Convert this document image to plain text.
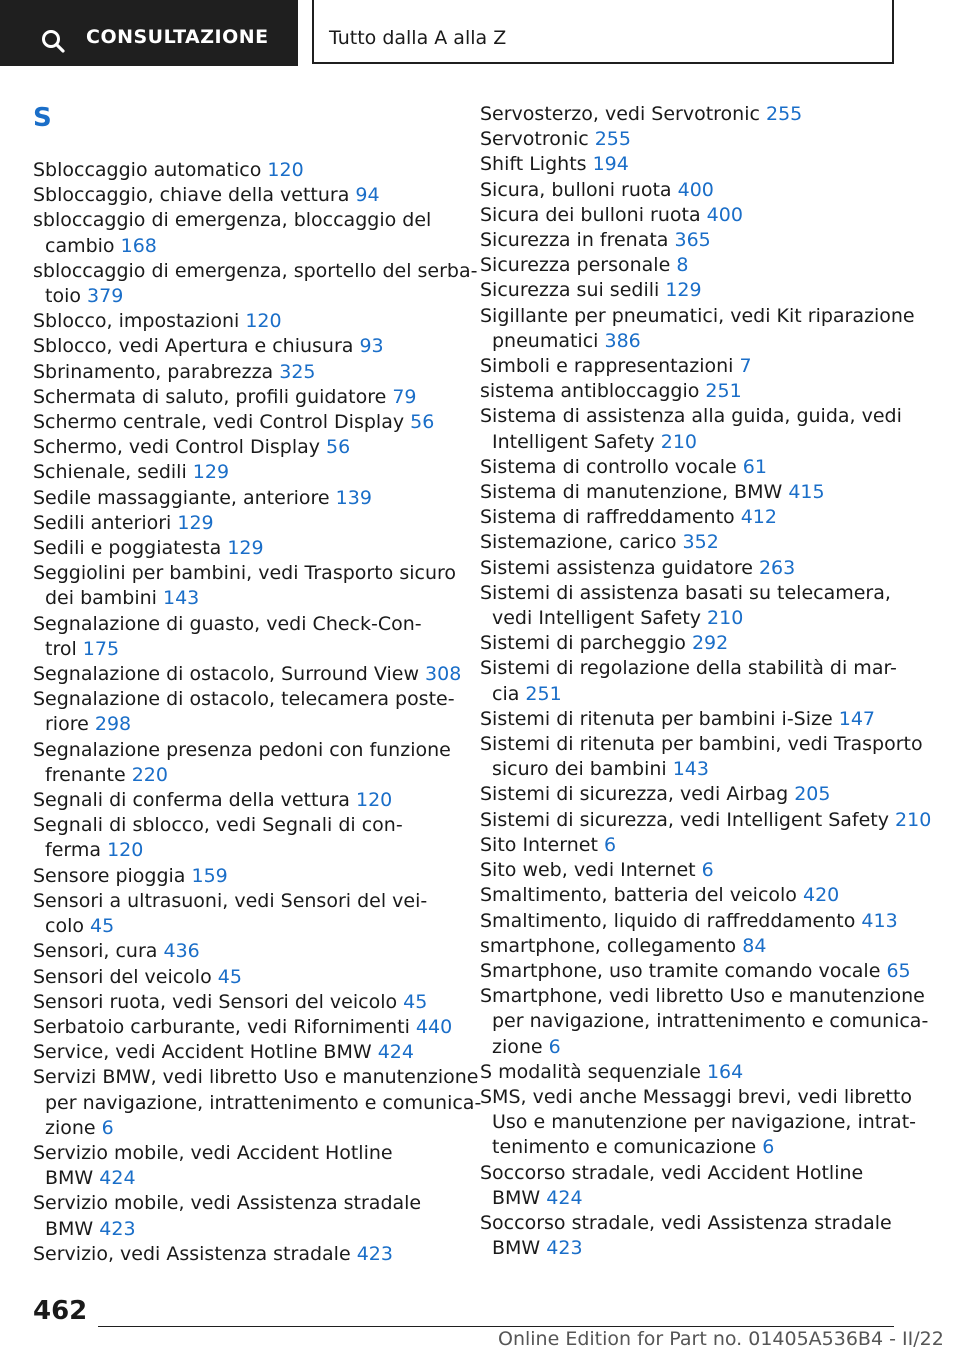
CONSULTAZIONE	Tutto dalla A alla Z
S
Sbloccaggio automatico 120
Sbloccaggio, chiave della vettura 94
sbloccaggio di emergenza, bloccaggio del
cambio 168
sbloccaggio di emergenza, sportello del serba-
toio 379
Sblocco, impostazioni 120
Sblocco, vedi Apertura e chiusura 93
Sbrinamento, parabrezza 325
Schermata di saluto, profili guidatore 79
Schermo centrale, vedi Control Display 56
Schermo, vedi Control Display 56
Schienale, sedili 129
Sedile massaggiante, anteriore 139
Sedili anteriori 129
Sedili e poggiatesta 129
Seggiolini per bambini, vedi Trasporto sicuro
dei bambini 143
Segnalazione di guasto, vedi Check-Con-
trol 175
Segnalazione di ostacolo, Surround View 308
Segnalazione di ostacolo, telecamera poste-
riore 298
Segnalazione presenza pedoni con funzione
frenante 220
Segnali di conferma della vettura 120
Segnali di sblocco, vedi Segnali di con-
ferma 120
Sensore pioggia 159
Sensori a ultrasuoni, vedi Sensori del vei-
colo 45
Sensori, cura 436
Sensori del veicolo 45
Sensori ruota, vedi Sensori del veicolo 45
Serbatoio carburante, vedi Rifornimenti 440
Service, vedi Accident Hotline BMW 424
Servizi BMW, vedi libretto Uso e manutenzione
per navigazione, intrattenimento e comunica-
zione 6
Servizio mobile, vedi Accident Hotline
BMW 424
Servizio mobile, vedi Assistenza stradale
BMW 423
Servizio, vedi Assistenza stradale 423
Servosterzo, vedi Servotronic 255
Servotronic 255
Shift Lights 194
Sicura, bulloni ruota 400
Sicura dei bulloni ruota 400
Sicurezza in frenata 365
Sicurezza personale 8
Sicurezza sui sedili 129
Sigillante per pneumatici, vedi Kit riparazione
pneumatici 386
Simboli e rappresentazioni 7
sistema antibloccaggio 251
Sistema di assistenza alla guida, guida, vedi
Intelligent Safety 210
Sistema di controllo vocale 61
Sistema di manutenzione, BMW 415
Sistema di raffreddamento 412
Sistemazione, carico 352
Sistemi assistenza guidatore 263
Sistemi di assistenza basati su telecamera,
vedi Intelligent Safety 210
Sistemi di parcheggio 292
Sistemi di regolazione della stabilità di mar-
cia 251
Sistemi di ritenuta per bambini i-Size 147
Sistemi di ritenuta per bambini, vedi Trasporto
sicuro dei bambini 143
Sistemi di sicurezza, vedi Airbag 205
Sistemi di sicurezza, vedi Intelligent Safety 210
Sito Internet 6
Sito web, vedi Internet 6
Smaltimento, batteria del veicolo 420
Smaltimento, liquido di raffreddamento 413
smartphone, collegamento 84
Smartphone, uso tramite comando vocale 65
Smartphone, vedi libretto Uso e manutenzione
per navigazione, intrattenimento e comunica-
zione 6
S modalità sequenziale 164
SMS, vedi anche Messaggi brevi, vedi libretto
Uso e manutenzione per navigazione, intrat-
tenimento e comunicazione 6
Soccorso stradale, vedi Accident Hotline
BMW 424
Soccorso stradale, vedi Assistenza stradale
BMW 423
462
Online Edition for Part no. 01405A536B4 - II/22
